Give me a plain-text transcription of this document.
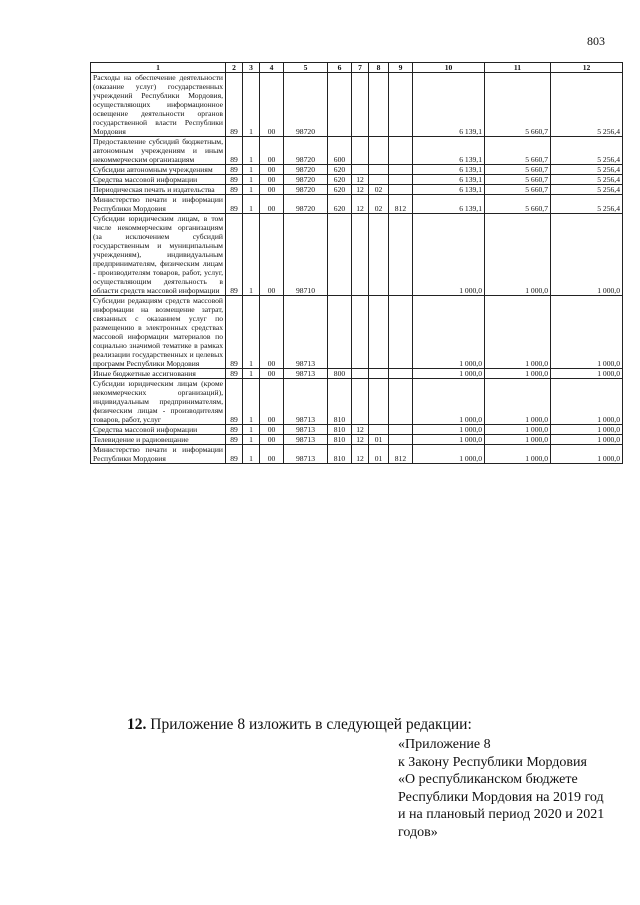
803
1	2	3	4	5	6	7	8	9	10	11	12
Расходы на обеспечение деятельности (оказание услуг) государственных учреждений Республики Мордовия, осуществляющих информационное освещение деятельности органов государственной власти Республики Мордовия	89	1	00	98720					6 139,1	5 660,7	5 256,4
Предоставление субсидий бюджетным, автономным учреждениям и иным некоммерческим организациям	89	1	00	98720	600				6 139,1	5 660,7	5 256,4
Субсидии автономным учреждениям	89	1	00	98720	620				6 139,1	5 660,7	5 256,4
Средства массовой информации	89	1	00	98720	620	12			6 139,1	5 660,7	5 256,4
Периодическая печать и издательства	89	1	00	98720	620	12	02		6 139,1	5 660,7	5 256,4
Министерство печати и информации Республики Мордовия	89	1	00	98720	620	12	02	812	6 139,1	5 660,7	5 256,4
Субсидии юридическим лицам, в том числе некоммерческим организациям (за исключением субсидий государственным и муниципальным учреждениям), индивидуальным предпринимателям, физическим лицам - производителям товаров, работ, услуг, осуществляющим деятельность в области средств массовой информации	89	1	00	98710					1 000,0	1 000,0	1 000,0
Субсидии редакциям средств массовой информации на возмещение затрат, связанных с оказанием услуг по размещению в электронных средствах массовой информации материалов по социально значимой тематике в рамках реализации государственных и целевых программ Республики Мордовия	89	1	00	98713					1 000,0	1 000,0	1 000,0
Иные бюджетные ассигнования	89	1	00	98713	800				1 000,0	1 000,0	1 000,0
Субсидии юридическим лицам (кроме некоммерческих организаций), индивидуальным предпринимателям, физическим лицам - производителям товаров, работ, услуг	89	1	00	98713	810				1 000,0	1 000,0	1 000,0
Средства массовой информации	89	1	00	98713	810	12			1 000,0	1 000,0	1 000,0
Телевидение и радиовещание	89	1	00	98713	810	12	01		1 000,0	1 000,0	1 000,0
Министерство печати и информации Республики Мордовия	89	1	00	98713	810	12	01	812	1 000,0	1 000,0	1 000,0
12. Приложение 8 изложить в следующей редакции:
«Приложение 8
к Закону Республики Мордовия
«О республиканском бюджете
Республики Мордовия на 2019 год
и на плановый период 2020 и 2021
годов»
